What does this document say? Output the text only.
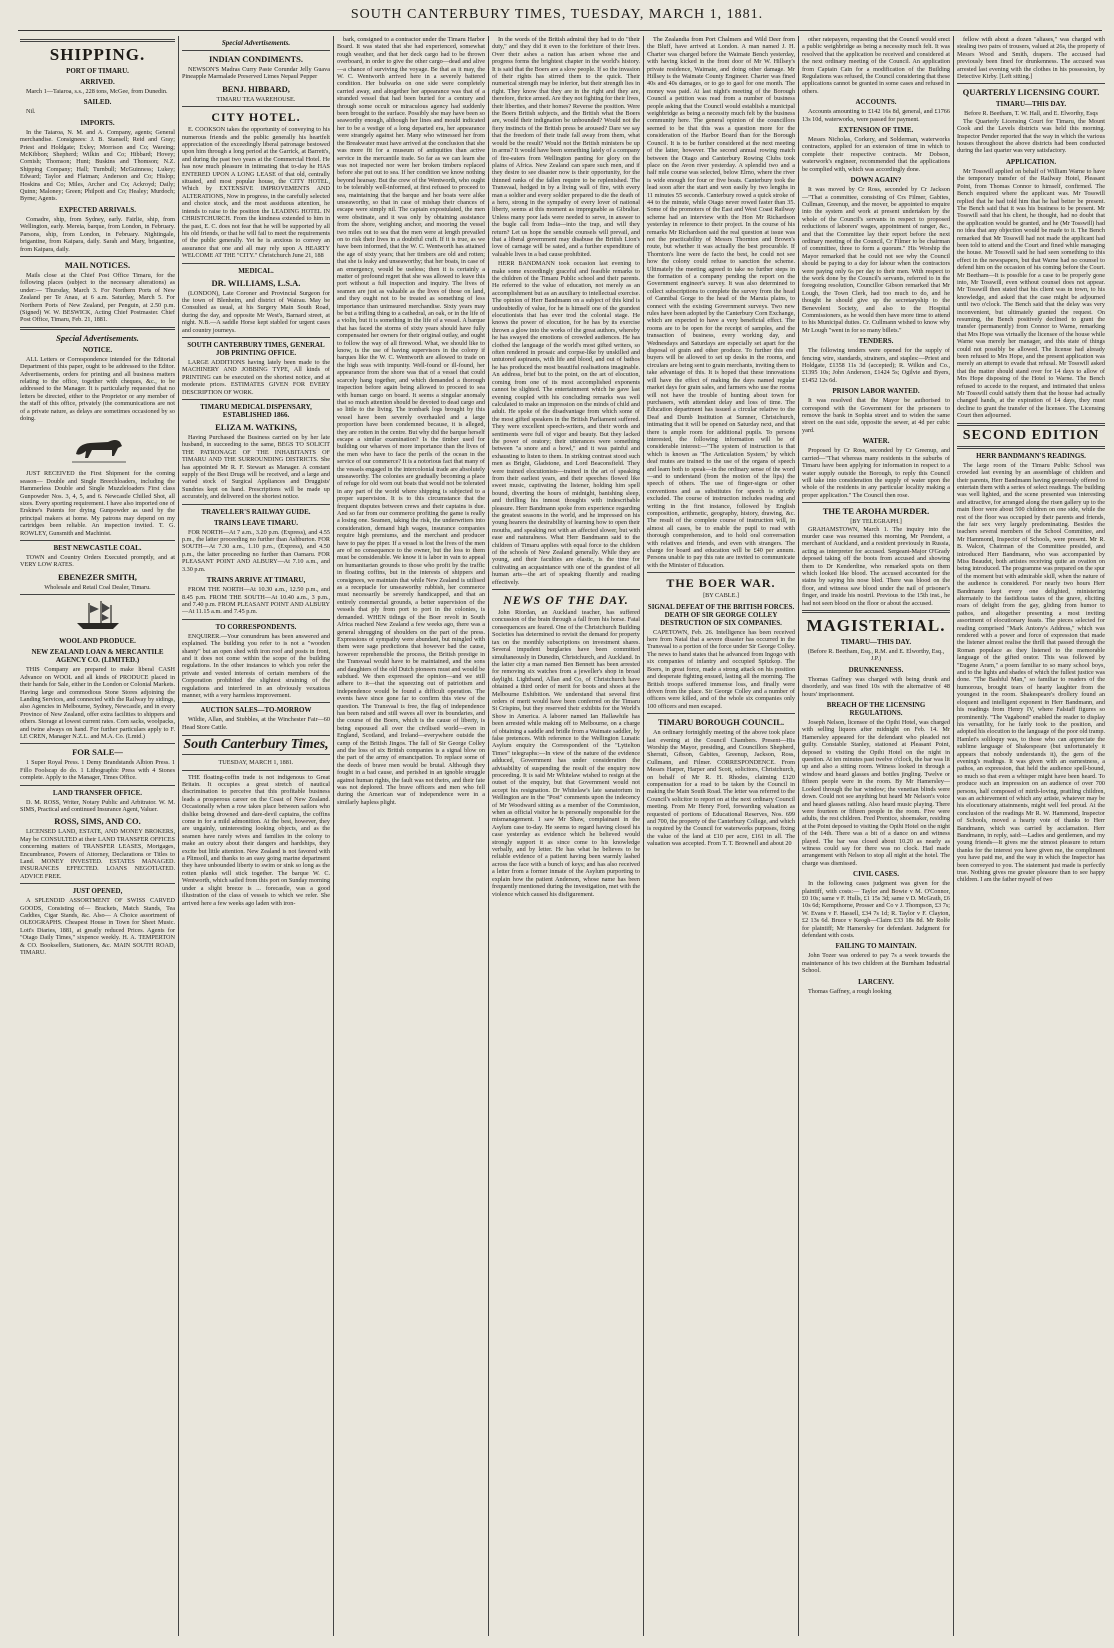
SOUTH CANTERBURY TIMES, TUESDAY, MARCH 1, 1881.
SHIPPING.
PORT OF TIMARU.
ARRIVED.

March 1—Taiaroa, s.s., 228 tons, McGee, from Dunedin.

SAILED.

Nil.

IMPORTS.

In the Taiaroa, N. M. and A. Company, agents; General merchandise. Consignees: J. B. Stansell; Reid and Gray; Priest and Holdgate; Exley; Morrison and Co; Wareing; McKibbon; Shepherd; Wilkin and Co; Hibbard; Hovey; Cornish; Thomson; Hunt; Buskins and Thomson; N.Z. Shipping Company; Hall; Turnbull; McGuinness; Lukey; Edward; Taylor and Flatman; Anderson and Co; Hislop; Hoskins and Co; Miles, Archer and Co; Ackroyd; Daily; Quinn; Maloney; Green; Philpott and Co; Healey; Murdoch; Byrne; Agents.

EXPECTED ARRIVALS.

Comadre, ship, from Sydney, early. Fairlie, ship, from Wellington, early. Mereia, barque, from London, in February. Parsons, ship, from London, in February. Nightingale, brigantine, from Kaipara, daily. Sarah and Mary, brigantine, from Kaipara, daily.

MAIL NOTICES.

Mails close at the Chief Post Office Timaru, for the following places (subject to the necessary alterations) as under:— Thursday, March 3. For Northern Ports of New Zealand per Te Anau, at 6 a.m. Saturday, March 5. For Northern Ports of New Zealand, per Penguin, at 2.50 p.m. (Signed) W. W. BESWICK, Acting Chief Postmaster. Chief Post Office, Timaru, Feb. 21, 1881.

Special Advertisements.
NOTICE.

ALL Letters or Correspondence intended for the Editorial Department of this paper, ought to be addressed to the Editor. Advertisements, orders for printing and all business matters relating to the office, together with cheques, &c., to be addressed to the Manager. It is particularly requested that no letters be directed, either to the Proprietor or any member of the staff of this office, privately (the communications are not of a private nature, as delays are sometimes occasioned by so doing.

JUST RECEIVED the First Shipment for the coming season— Double and Single Breechloaders, including the Hammerless Double and Single Muzzleloaders First class Gunpowder Nos. 3, 4, 5, and 6. Newcastle Chilled Shot, all sizes. Every sporting requirement. I have also imported one of Erskine's Patents for drying Gunpowder as used by the principal makers at home. My patrons may depend on my cartridges been reliable. An inspection invited. T. G. ROWLEY, Gunsmith and Machinist.

BEST NEWCASTLE COAL.

TOWN and Country Orders Executed promptly, and at VERY LOW RATES.

EBENEZER SMITH,
Wholesale and Retail Coal Dealer, Timaru.
WOOL AND PRODUCE.
NEW ZEALAND LOAN & MERCANTILE AGENCY CO. (LIMITED.)

THIS Company are prepared to make liberal CASH Advance on WOOL and all kinds of PRODUCE placed in their hands for Sale, either in the London or Colonial Markets. Having large and commodious Stone Stores adjoining the Landing Services, and connected with the Railway by sidings, also Agencies in Melbourne, Sydney, Newcastle, and in every Province of New Zealand, offer extra facilities to shippers and others. Storage at lowest current rates. Corn sacks, woolpacks, and twine always on hand. For further particulars apply to F. LE CREN, Manager N.Z.L. and M.A. Co. (Lmtd.)

FOR SALE—

1 Super Royal Press. 1 Demy Brandstands Albion Press. 1 Fillo Foolscap do do. 1 Lithographic Press with 4 Stones complete. Apply to the Manager, Times Office.

LAND TRANSFER OFFICE.

D. M. ROSS, Writer, Notary Public and Arbitrator. W. M. SIMS, Practical and continued Insurance Agent, Valuer.

ROSS, SIMS, AND CO.

LICENSED LAND, ESTATE, AND MONEY BROKERS, May be CONSULTED at their LAND TRANSFER OFFICES concerning matters of TRANSFER LEASES, Mortgages, Encumbrance, Powers of Attorney, Declarations or Titles to Land. MONEY INVESTED. ESTATES MANAGED. INSURANCES EFFECTED. LOANS NEGOTIATED. ADVICE FREE.

JUST OPENED,

A SPLENDID ASSORTMENT OF SWISS CARVED GOODS, Consisting of— Brackets, Match Stands, Tea Caddies, Cigar Stands, &c. Also— A Choice assortment of OLEOGRAPHS. Cheapest House in Town for Sheet Music. Lott's Diaries, 1881, at greatly reduced Prices. Agents for "Otago Daily Times," sixpence weekly. H. A. TEMPERTON & CO. Booksellers, Stationers, &c. MAIN SOUTH ROAD, TIMARU.

Special Advertisements.
INDIAN CONDIMENTS.

NEWSON'S Madras Curry Paste Corundar Jelly Guava Pineapple Marmalade Preserved Limes Nepaul Pepper

BENJ. HIBBARD,
TIMARU TEA WAREHOUSE.
CITY HOTEL.

E. COOKSON takes the opportunity of conveying to his numerous friends and the public generally his heartfelt appreciation of the exceedingly liberal patronage bestowed upon him through a long period at the Garrick, at Barrett's, and during the past two years at the Commercial Hotel. He has now much pleasure in intimating that to-day he HAS ENTERED UPON A LONG LEASE of that old, centrally situated, and most popular house, the CITY HOTEL, Which by EXTENSIVE IMPROVEMENTS AND ALTERATIONS, Now in progress, in the carefully selected and choice stock, and the most assiduous attention, he intends to raise to the position the LEADING HOTEL IN CHRISTCHURCH. From the kindness extended to him in the past, E. C. does not fear that he will be supported by all his old friends, or that he will fail to meet the requirements of the public generally. Yet he is anxious to convey an assurance that one and all may rely upon A HEARTY WELCOME AT THE "CITY." Christchurch June 21, 188

MEDICAL.
DR. WILLIAMS, L.S.A.

(LONDON), Late Coroner and Provincial Surgeon for the town of Blenheim, and district of Wairau. May be Consulted as usual, at his Surgery Main South Road, during the day, and opposite Mr West's, Barnard street, at night. N.B.—A saddle Horse kept stabled for urgent cases and country journeys.

SOUTH CANTERBURY TIMES, GENERAL JOB PRINTING OFFICE.

LARGE ADDITIONS having lately been made to the MACHINERY AND JOBBING TYPE, All kinds of PRINTING can be executed on the shortest notice, and at moderate prices. ESTIMATES GIVEN FOR EVERY DESCRIPTION OF WORK.

TIMARU MEDICAL DISPENSARY, ESTABLISHED 1866.
ELIZA M. WATKINS,

Having Purchased the Business carried on by her late husband, in succeeding to the same, BEGS TO SOLICIT THE PATRONAGE OF THE INHABITANTS OF TIMARU AND THE SURROUNDING DISTRICTS. She has appointed Mr R. F. Stewart as Manager. A constant supply of the Best Drugs will be received, and a large and varied stock of Surgical Appliances and Druggists' Sundries kept on hand. Prescriptions will be made up accurately, and delivered on the shortest notice.

TRAVELLER'S RAILWAY GUIDE.
TRAINS LEAVE TIMARU.

FOR NORTH—At 7 a.m., 3.20 p.m. (Express), and 4.55 p.m., the latter proceeding no further than Ashburton. FOR SOUTH—At 7.30 a.m., 1.10 p.m., (Express), and 4.50 p.m., the latter proceeding no further than Oamaru. FOR PLEASANT POINT AND ALBURY—At 7.10 a.m., and 3.30 p.m.

TRAINS ARRIVE AT TIMARU,

FROM THE NORTH—At 10.30 a.m., 12.50 p.m., and 8.45 p.m. FROM THE SOUTH—At 10.40 a.m., 3 p.m., and 7.40 p.m. FROM PLEASANT POINT AND ALBURY—At 11.15 a.m. and 7.45 p.m.

TO CORRESPONDENTS.

ENQUIRER.—Your conundrum has been answered and explained. The building you refer to is not a "wooden shanty" but an open shed with iron roof and posts in front, and it does not come within the scope of the building regulations. In the other instances to which you refer the private and vested interests of certain members of the Corporation prohibited the slightest straining of the regulations and interfered in an obviously vexatious manner, with a very harmless improvement.

AUCTION SALES—TO-MORROW

Wildie, Allan, and Stubbles, at the Winchester Fair—60 Head Store Cattle.

South Canterbury Times,
TUESDAY, MARCH 1, 1881.

THE floating-coffin trade is not indigenous to Great Britain. It occupies a great stretch of nautical discrimination to perceive that this profitable business leads a prosperous career on the Coast of New Zealand. Occasionally when a row takes place between sailors who dislike being drowned and dare-devil captains, the coffins come in for a mild admonition. At the best, however, they are ungainly, uninteresting looking objects, and as the seamen have rarely wives and families in the colony to make an outcry about their dangers and hardships, they excite but little attention. New Zealand is not favored with a Plimsoll, and thanks to an easy going marine department they have unbounded liberty to swim or sink so long as the rotten planks will stick together. The barque W. C. Wentworth, which sailed from this port on Sunday morning under a slight breeze is ... forecastle, was a good illustration of the class of vessels to which we refer. She arrived here a few weeks ago laden with iron-

bark, consigned to a contractor under the Timaru Harbor Board. It was stated that she had experienced, somewhat rough weather, and that her deck cargo had to be thrown overboard, in order to give the other cargo—dead and alive—a chance of surviving the voyage. Be that as it may, the W. C. Wentworth arrived here in a severely battered condition. Her bulwarks on one side were completely carried away, and altogether her appearance was that of a stranded vessel that had been buried for a century and through some occult or miraculous agency had suddenly been brought to the surface. Possibly she may have been so seaworthy enough, although her lines and mould indicated her to be a vestige of a long departed era, her appearance were strangely against her. Many who witnessed her from the Breakwater must have arrived at the conclusion that she was more fit for a museum of antiquities than active service in the mercantile trade. So far as we can learn she was not inspected nor were her broken timbers replaced before she put out to sea. If her condition we know nothing beyond hearsay. But the crew of the Wentworth, who ought to be tolerably well-informed, at first refused to proceed to sea, maintaining that the barque and her boats were alike unseaworthy, so that in case of mishap their chances of escape were simply nil. The captain expostulated, the men were obstinate, and it was only by obtaining assistance from the shore, weighing anchor, and mooring the vessel two miles out to sea that the men were at length prevailed on to risk their lives in a doubtful craft. If it is true, as we have been informed, that the W. C. Wentworth has attained the age of sixty years; that her timbers are old and rotten; that she is leaky and unseaworthy; that her boats, in case of an emergency, would be useless; then it is certainly a matter of profound regret that she was allowed to leave this port without a full inspection and inquiry. The lives of seamen are just as valuable as the lives of those on land, and they ought not to be treated as something of less importance than unimsured merchandise. Sixty years may be but a trifling thing to a cathedral, an oak, or in the life of a violin, but it is something in the life of a vessel. A barque that has faced the storms of sixty years should have fully compensated her owners for their original outlay, and ought to follow the way of all firewood. What, we should like to know, is the use of having supervisors in the colony if barques like the W. C. Wentworth are allowed to trade on the high seas with impunity. Well-found or ill-found, her appearance from the shore was that of a vessel that could scarcely hang together, and which demanded a thorough inspection before again being allowed to proceed to sea with human cargo on board. It seems a singular anomaly that so much attention should be devoted to dead cargo and so little to the living. The ironbark logs brought by this vessel have been severely overhauled and a large proportion have been condemned because, it is alleged, they are rotten in the centre. But why did the barque herself escape a similar examination? Is the timber used for building our wharves of more importance than the lives of the men who have to face the perils of the ocean in the service of our commerce? It is a notorious fact that many of the vessels engaged in the intercolonial trade are absolutely unseaworthy. The colonies are gradually becoming a place of refuge for old worn out boats that would not be tolerated in any part of the world where shipping is subjected to a proper supervision. It is to this circumstance that the frequent disputes between crews and their captains is due. And so far from our commerce profiting the game is really a losing one. Seamen, taking the risk, the underwriters into consideration, demand high wages, insurance companies require high premiums, and the merchant and producer have to pay the piper. If a vessel is lost the lives of the men are of no consequence to the owner, but the loss to them must be considerable. We know it is labor in vain to appeal on humanitarian grounds to those who profit by the traffic in floating coffins, but in the interests of shippers and consignees, we maintain that while New Zealand is utilised as a receptacle for unseaworthy rubbish, her commerce must necessarily be severely handicapped, and that an entirely commercial grounds, a better supervision of the vessels that ply from port to port in the colonies, is demanded. WHEN tidings of the Boer revolt in South Africa reached New Zealand a few weeks ago, there was a general shrugging of shoulders on the part of the press. Expressions of sympathy were abundant, but mingled with them were sage predictions that however bad the cause, however reprehensible the process, the British prestige in the Transvaal would have to be maintained, and the sons and daughters of the old Dutch pioneers must and would be subdued. We then expressed the opinion—and we still adhere to it—that the squeezing out of patriotism and independence would be found a difficult operation. The events have since gone far to confirm this view of the question. The Transvaal is free, the flag of independence has been raised and still waves all over its boundaries, and the course of the Boers, which is the cause of liberty, is being espoused all over the civilised world—even in England, Scotland, and Ireland—everywhere outside the camp of the British Jingos. The fall of Sir George Colley and the loss of six British companies is a signal blow on the part of the army of emancipation. To replace some of the deeds of brave men would be brutal. Although they fought in a bad cause, and perished in an ignoble struggle against human rights, the fault was not theirs, and their fate was not deplored. The brave officers and men who fell during the American war of independence were in a similarly hapless plight.

In the words of the British admiral they had to do "their duty," and they did it even to the forfeiture of their lives. Over their ashes a nation has arisen whose rise and progress forms the brightest chapter in the world's history. It is said that the Boers are a slow people. If so the invasion of their rights has stirred them to the quick. Their numerical strength may be inferior, but their strength lies in right. They know that they are in the right and they are, therefore, thrice armed. Are they not fighting for their lives, their liberties, and their homes? Reverse the position. Were the Boers British subjects, and the British what the Boers are, would their indignation be unbounded? Would not the fiery instincts of the British press be aroused? Dare we say that the freedom of their trade fall away from them, what would be the result? Would not the British ministers be up in arms? It would have been something lately of a company of fire-eaters from Wellington panting for glory on the plains of Africa. New Zealand can spare such men, and if they desire to see disaster now is their opportunity, for the thinned ranks of the fallen require to be replenished. The Transvaal, hedged in by a living wall of fire, with every man a soldier and every soldier prepared to die the death of a hero, strong in the sympathy of every lover of national liberty, seems at this moment as impregnable as Gibraltar. Unless many poor lads were needed to serve, in answer to the bugle call from India—into the trap, and will they return? Let us hope the sensible counsels will prevail, and that a liberal government may disabuse the British Lion's love of carnage will be sated, and a further expenditure of valuable lives in a bad cause prohibited.

HERR BANDMANN took occasion last evening to make some exceedingly graceful and feasible remarks to the children of the Timaru Public school and their parents. He referred to the value of education, not merely as an accomplishment but as an auxiliary to intellectual exercise. The opinion of Herr Bandmann on a subject of this kind is undoubtedly of value, for he is himself one of the grandest elocutionists that has ever trod the colonial stage. He knows the power of elocution, for he has by its exercise thrown a glow into the works of the great authors, whereby he has swayed the emotions of crowded audiences. He has clothed the language of the world's most gifted writers, so often rendered in prosaic and corpse-like by unskilled and untutored aspirants, with life and blood, and out of bathos he has produced the most beautiful realisations imaginable. An address, brief but to the point, on the art of elocution, coming from one of its most accomplished exponents cannot be slighted. The entertainment which he gave last evening coupled with his concluding remarks was well calculated to make an impression on the minds of child and adult. He spoke of the disadvantage from which some of the most gifted speakers in the British Parliament suffered. They were excellent speech-writers, and their words and sentiments were full of vigor and beauty. But they lacked the power of oratory; their utterances were something between "a snore and a howl," and it was painful and exhausting to listen to them. In striking contrast stood such men as Bright, Gladstone, and Lord Beaconsfield. They were trained elocutionists—trained in the art of speaking from their earliest years, and their speeches flowed like sweet music, captivating the listener, holding him spell bound, diverting the hours of midnight, banishing sleep, and thrilling his inmost thoughts with indescribable pleasure. Herr Bandmann spoke from experience regarding the greatest seasons in the world, and he impressed on his young hearers the desirability of learning how to open their mouths, and speaking not with an affected slower, but with ease and naturalness. What Herr Bandmann said to the children of Timaru applies with equal force to the children of the schools of New Zealand generally. While they are young, and their faculties are elastic, is the time for cultivating an acquaintance with one of the grandest of all human arts—the art of speaking fluently and reading effectively.

NEWS OF THE DAY.

John Riordan, an Auckland teacher, has suffered concussion of the brain through a fall from his horse. Fatal consequences are feared. One of the Christchurch Building Societies has determined to revisit the demand for property tax on the monthly subscriptions on investment shares. Several impudent burglaries have been committed simultaneously in Dunedin, Christchurch, and Auckland. In the latter city a man named Ben Bennett has been arrested for removing six watches from a jeweller's shop in broad daylight. Lightband, Allan and Co, of Christchurch have obtained a third order of merit for boots and shoes at the Melbourne Exhibition. We understand that several first orders of merit would have been conferred on the Timaru St Crispins, but they reserved their exhibits for the World's Show in America. A laborer named Ian Hallawhile has been arrested while making off to Melbourne, on a charge of obtaining a saddle and bridle from a Waimate saddler, by false pretences. With reference to the Wellington Lunatic Asylum enquiry the Correspondent of the "Lyttelton Times" telegraphs:—In view of the nature of the evidence adduced, Government has under consideration the advisability of suspending the result of the enquiry now proceeding. It is said Mr Whitelaw wished to resign at the outset of the enquiry, but that Government would not accept his resignation. Dr Whitelaw's late sanatorium in Wellington are in the "Post" comments upon the indecency of Mr Woodward sitting as a member of the Commission, when as official visitor he is personally responsible for the mismanagement. I saw Mr Shaw, complainant in the Asylum case to-day. He seems to regard having closed his case yesterday as evidence which he believed would strongly support it as since come to his knowledge verbally, and by letter. He has what he believes to be reliable evidence of a patient having been warmly lashed across the face with a bunch of keys; and has also received a letter from a former inmate of the Asylum purporting to explain how the patient Anderson, whose name has been frequently mentioned during the investigation, met with the violence which caused his disfigurement.

The Zealandia from Port Chalmers and Wild Deer from the Bluff, have arrived at London. A man named J. H. Charter was charged before the Waimate Bench yesterday, with having kicked in the front door of Mr W. Hillsey's private residence, Waimate, and doing other damage. Mr Hillsey is the Waimate County Engineer. Charter was fined 40s and 40s damages, or to go to gaol for one month. The money was paid. At last night's meeting of the Borough Council a petition was read from a number of business people asking that the Council would establish a municipal weighbridge as being a necessity much felt by the business community here. The general opinion of the councillors seemed to be that this was a question more for the consideration of the Harbor Board than for the Borough Council. It is to be further considered at the next meeting of the latter, however. The second annual rowing match between the Otago and Canterbury Rowing Clubs took place on the Avon river yesterday. A splendid two and a half mile course was selected, below Elrno, where the river is wide enough for four or five boats. Canterbury took the lead soon after the start and won easily by two lengths in 11 minutes 55 seconds. Canterbury rowed a quick stroke of 44 to the minute, while Otago never rowed faster than 35. Some of the promoters of the East and West Coast Railway scheme had an interview with the Hon Mr Richardson yesterday in reference to their project. In the course of his remarks Mr Richardson said the real question at issue was not the practicability of Messrs Thornton and Brown's route, but whether it was actually the best procurable. If Thornton's line were de facto the best, he could not see how the colony could refuse to sanction the scheme. Ultimately the meeting agreed to take no further steps in the formation of a company pending the report on the Government engineer's survey. It was also determined to collect subscriptions to complete the survey from the head of Cannibal Gorge to the head of the Maruia plains, to connect with the existing Government surveys. Two new rules have been adopted by the Canterbury Corn Exchange, which are expected to have a very beneficial effect. The rooms are to be open for the receipt of samples, and the transaction of business, every working day, and Wednesdays and Saturdays are especially set apart for the disposal of grain and other produce. To further this end buyers will be allowed to set up desks in the rooms, and circulars are being sent to grain merchants, inviting them to take advantage of this. It is hoped that these innovations will have the effect of making the days named regular market days for grain sales, and farmers who use the rooms will not have the trouble of hunting about town for purchasers, with attendant delay and loss of time. The Education department has issued a circular relative to the Deaf and Dumb Institution at Sumner, Christchurch, intimating that it will be opened on Saturday next, and that there is ample room for additional pupils. To persons interested, the following information will be of considerable interest:—"The system of instruction is that which is known as 'The Articulation System,' by which deaf mutes are trained to the use of the organs of speech and learn both to speak—in the ordinary sense of the word—and to understand (from the motion of the lips) the speech of others. The use of finger-signs or other conventions and as substitutes for speech is strictly excluded. The course of instruction includes reading and writing in the first instance, followed by English composition, arithmetic, geography, history, drawing, &c. The result of the complete course of instruction will, in almost all cases, be to enable the pupil to read with thorough comprehension, and to hold oral conversation with relatives and friends, and even with strangers. The charge for board and education will be £40 per annum. Persons unable to pay this rate are invited to communicate with the Minister of Education.

THE BOER WAR.
[BY CABLE.]
SIGNAL DEFEAT OF THE BRITISH FORCES. DEATH OF SIR GEORGE COLLEY DESTRUCTION OF SIX COMPANIES.

CAPETOWN, Feb. 26. Intelligence has been received here from Natal that a severe disaster has occurred in the Transvaal to a portion of the force under Sir George Colley. The news to hand states that he advanced from Ingogo with six companies of infantry and occupied Spitzkop. The Boers, in great force, made a strong attack on his position and desperate fighting ensued, lasting all the morning. The British troops suffered immense loss, and finally were driven from the place. Sir George Colley and a number of officers were killed, and of the whole six companies only 100 officers and men escaped.

TIMARU BOROUGH COUNCIL.

An ordinary fortnightly meeting of the above took place last evening at the Council Chambers. Present—His Worship the Mayor, presiding, and Councillors Shepherd, Sherratt, Gibson, Gabites, Greenup, Jackson, Ross, Cullmann, and Filmer. CORRESPONDENCE. From Messrs Harper, Harper and Scott, solicitors, Christchurch, on behalf of Mr R. H. Rhodes, claiming £120 compensation for a road to be taken by the Council in making the Main South Road. The letter was referred to the Council's solicitor to report on at the next ordinary Council meeting. From Mr Henry Ford, forwarding valuation as requested of portions of Educational Reserves, Nos. 699 and 700, the property of the Canterbury College, and which is required by the Council for waterworks purposes, fixing the value of the land at £10 per acre, £161 in all. The valuation was accepted. From T. T. Brownell and about 20

other ratepayers, requesting that the Council would erect a public weighbridge as being a necessity much felt. It was resolved that the application be received and considered at the next ordinary meeting of the Council. An application from Captain Cain for a modification of the Building Regulations was refused, the Council considering that these applications cannot be granted in some cases and refused in others.

ACCOUNTS.

Accounts amounting to £142 16s 8d, general, and £1766 13s 10d, waterworks, were passed for payment.

EXTENSION OF TIME.

Messrs Nicholas, Corkery, and Solderman, waterworks contractors, applied for an extension of time in which to complete their respective contracts. Mr Dobson, waterwork's engineer, recommended that the applications be complied with, which was accordingly done.

DOWN AGAIN?

It was moved by Cr Ross, seconded by Cr Jackson—"That a committee, consisting of Crs Filmer, Gabites, Cullman, Greenup, and the mover, be appointed to enquire into the system and work at present undertaken by the whole of the Council's servants in respect to proposed reductions of laborers' wages, appointment of ranger, &c., and that the Committee lay their report before the next ordinary meeting of the Council, Cr Filmer to be chairman of committee, three to form a quorum." His Worship the Mayor remarked that he could not see why the Council should be paying to a day for labour when the contractors were paying only 6s per day to their men. With respect to the work done by the Council's servants, referred to in the foregoing resolution, Councillor Gibson remarked that Mr Lough, the Town Clerk, had too much to do, and he thought he should give up the secretaryship to the Benevolent Society, and also to the Hospital Commissioners, as he would then have more time to attend to his Municipal duties. Cr. Cullmann wished to know why Mr Lough "went in for so many billets."

TENDERS.

The following tenders were opened for the supply of fencing wire, standards, strainers, and staples:—Priest and Holdgate, £1358 11s 3d (accepted); R. Wilkin and Co., £1395 10s; John Anderson, £1424 5s; Ogilvie and Byers, £1452 12s 6d.

PRISON LABOR WANTED.

It was resolved that the Mayor be authorised to correspond with the Government for the prisoners to remove the bank in Sophia street and to widen the same street on the east side, opposite the sewer, at 4d per cubic yard.

WATER.

Proposed by Cr Ross, seconded by Cr Greenup, and carried—"That whereas many residents in the suburbs of Timaru have been applying for information in respect to a water supply outside the Borough, to reply this Council will take into consideration the supply of water upon the whole of the residents in any particular locality making a proper application." The Council then rose.

THE TE AROHA MURDER.
[BY TELEGRAPH.]

GRAHAMSTOWN, March 1. The inquiry into the murder case was resumed this morning, Mr Prendent, a merchant of Auckland, and a resident previously in Russia, acting as interpreter for accused. Sergeant-Major O'Grady deposed taking off the boots from accused and showing them to Dr Kenderdine, who remarked spots on them which looked like blood. The accused accounted for the stains by saying his nose bled. There was blood on the floor, and witness saw blood under the nail of prisoner's finger, and inside his nostril. Previous to the 15th inst., he had not seen blood on the floor or about the accused.

MAGISTERIAL.
TIMARU—THIS DAY.
(Before R. Beetham, Esq., R.M. and E. Elworthy, Esq., J.P.)
DRUNKENNESS.

Thomas Gaffney was charged with being drunk and disorderly, and was fined 10s with the alternative of 48 hours' imprisonment.

BREACH OF THE LICENSING REGULATIONS.

Joseph Nelson, licensee of the Opihi Hotel, was charged with selling liquors after midnight on Feb. 14. Mr Hamersley appeared for the defendant who pleaded not guilty. Constable Stanley, stationed at Pleasant Point, deposed to visiting the Opihi Hotel on the night in question. At ten minutes past twelve o'clock, the bar was lit up and also a sitting room. Witness looked in through a window and heard glasses and bottles jingling. Twelve or fifteen people were in the room. By Mr Hamersley—Looked through the bar window; the venetian blinds were down. Could not see anything but heard Mr Nelson's voice and heard glasses rattling. Also heard music playing. There were fourteen or fifteen people in the room. Five were adults, the rest children. Fred Prentice, shoemaker, residing at the Point deposed to visiting the Opihi Hotel on the night of the 14th. There was a bit of a dance on and witness played. The bar was closed about 10.20 as nearly as witness could say for there was no clock. Had made arrangement with Nelson to stop all night at the hotel. The charge was dismissed.

CIVIL CASES.

In the following cases judgment was given for the plaintiff, with costs:— Taylor and Bowie v M. O'Connor, £0 10s; same v F. Hulls, £1 15s 3d; same v D. McGrath, £6 10s 6d; Kempthorne, Prosser and Co v J. Thompson, £3 7s; W. Evans v F. Hassell, £34 7s 1d; R. Taylor v F. Clayton, £2 13s 6d. Bruce v Keogh—Claim £33 18s 8d. Mr Rolfe for plaintiff; Mr Hamersley for defendant. Judgment for defendant with costs.

FAILING TO MAINTAIN.

John Tozer was ordered to pay 7s a week towards the maintenance of his two children at the Burnham Industrial School.

LARCENY.

Thomas Gaffney, a rough looking

fellow with about a dozen "aliases," was charged with stealing two pairs of trousers, valued at 26s, the property of Messrs Wood and Smith, drapers. The accused had previously been fined for drunkenness. The accused was arrested last evening with the clothes in his possession, by Detective Kirby. [Left sitting.]

QUARTERLY LICENSING COURT.
TIMARU—THIS DAY.
Before R. Beetham, T. W. Hall, and E. Elworthy, Esqs

The Quarterly Licensing Court for Timaru, the Mount Cook and the Levels districts was held this morning. Inspector Pender reported that the way in which the various houses throughout the above districts had been conducted during the last quarter was very satisfactory.

APPLICATION.

Mr Tosswill applied on behalf of William Warne to have the temporary transfer of the Railway Hotel, Pleasant Point, from Thomas Connor to himself, confirmed. The Bench enquired where the applicant was. Mr Tosswill replied that he had told him that he had better be present. The Bench said that it was his business to be present. Mr Tosswill said that his client, he thought, had no doubt that the application would be granted, and he (Mr Tosswill) had no idea that any objection would be made to it. The Bench remarked that Mr Tosswill had not made the applicant had been told to attend and the Court and fined while managing the house. Mr Tosswill said he had seen something to this effect in the newspapers, but that Warne had no counsel to defend him on the occasion of his coming before the Court. Mr Beetham—It is possible for a case to be properly gone into, Mr Tosswill, even without counsel does not appear. Mr Tosswill then stated that his client was in town, to his knowledge, and asked that the case might be adjourned until two o'clock. The Bench said that the delay was very inconvenient, but ultimately granted the request. On resuming, the Bench positively declined to grant the transfer (permanently) from Connor to Warne, remarking that Mrs Hope was virtually the licensee of the house while Warne was merely her manager, and this state of things could not possibly be allowed. The license had already been refused to Mrs Hope, and the present application was merely an attempt to evade that refusal. Mr Tosswill asked that the matter should stand over for 14 days to allow of Mrs Hope disposing of the Hotel to Warne. The Bench refused to accede to the request, and intimated that unless Mr Tosswill could satisfy them that the house had actually changed hands, at the expiration of 14 days, they must decline to grant the transfer of the licensee. The Licensing Court then adjourned.

SECOND EDITION
HERR BANDMANN'S READINGS.

The large room of the Timaru Public School was crowded last evening by an assemblage of children and their parents, Herr Bandmann having generously offered to entertain them with a series of select readings. The building was well lighted, and the scene presented was interesting and attractive, for arranged along the risen gallery up to the main floor were about 500 children on one side, while the rest of the floor was occupied by their parents and friends, the fair sex very largely predominating. Besides the teachers several members of the School Committee, and Mr Hammond, Inspector of Schools, were present. Mr R. B. Walcot, Chairman of the Committee presided, and introduced Herr Bandmann, who was accompanied by Miss Beaudet, both artistes receiving quite an ovation on being introduced. The programme was prepared on the spur of the moment but with admirable skill, when the nature of the audience is considered. For nearly two hours Herr Bandmann kept every one delighted, ministering alternately to the fastidious tastes of the grave, eliciting roars of delight from the gay, gliding from humor to pathos, and altogether presenting a most inviting assortment of elocutionary feasts. The pieces selected for reading comprised "Mark Antony's Address," which was rendered with a power and force of expression that made the listener almost realise the thrill that passed through the Roman populace as they listened to the memorable language of the gifted orator. This was followed by "Eugene Aram," a poem familiar to so many school boys, and to the lights and shades of which the fullest justice was done. "The Bashful Man," so familiar to readers of the humorous, brought tears of hearty laughter from the youngest in the room. Shakespeare's drollery found an eloquent and intelligent exponent in Herr Bandmann, and his readings from Henry IV, where Falstaff figures so prominently. "The Vagabond" enabled the reader to display his versatility, for he fairly took to the position, and adopted his elocution to the language of the poor old tramp. Hamlet's soliloquy was, to those who can appreciate the sublime language of Shakespeare (but unfortunately it appears that nobody understands it), the gem of the evening's readings. It was given with an earnestness, a pathos, an expression, that held the audience spell-bound, so much so that even a whisper might have been heard. To produce such an impression on an audience of over 700 persons, half composed of mirth-loving, prattling children, was an achievement of which any artiste, whatever may be his elocutionary attainments, might well feel proud. At the conclusion of the readings Mr R. W. Hammond, Inspector of Schools, moved a hearty vote of thanks to Herr Bandmann, which was carried by acclamation. Herr Bandmann, in reply, said:—Ladies and gentlemen, and my young friends—It gives me the utmost pleasure to return thanks for the interest you have given me, the compliment you have paid me, and the way in which the Inspector has been conveyed to you. The statement just made is perfectly true. Nothing gives me greater pleasure than to see happy children. I am the father myself of two
